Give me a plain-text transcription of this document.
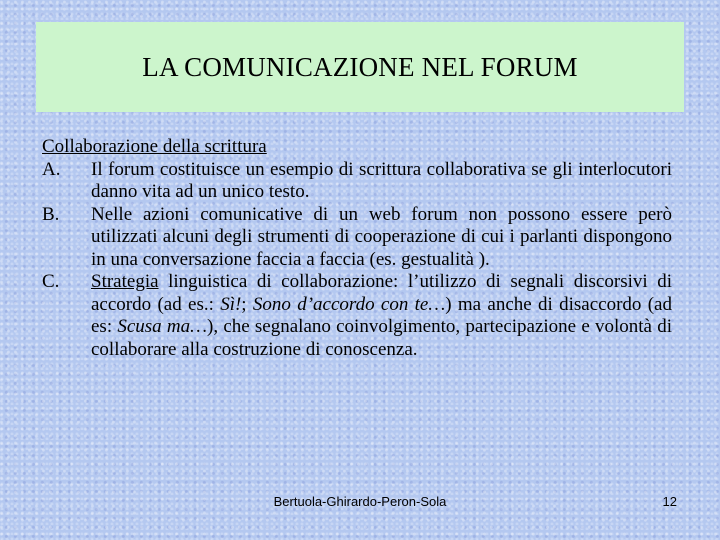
LA COMUNICAZIONE NEL FORUM
Collaborazione della scrittura
A.	Il forum costituisce un esempio di scrittura collaborativa se gli interlocutori danno vita ad un unico testo.
B.	Nelle azioni comunicative di un web forum non possono essere però utilizzati alcuni degli strumenti di cooperazione di cui i parlanti dispongono in una conversazione faccia a faccia (es. gestualità ).
C.	Strategia linguistica di collaborazione: l’utilizzo di segnali discorsivi di accordo (ad es.: Sì!; Sono d’accordo con te…) ma anche di disaccordo (ad es: Scusa ma…), che segnalano coinvolgimento, partecipazione e volontà di collaborare alla costruzione di conoscenza.
Bertuola-Ghirardo-Peron-Sola	12
